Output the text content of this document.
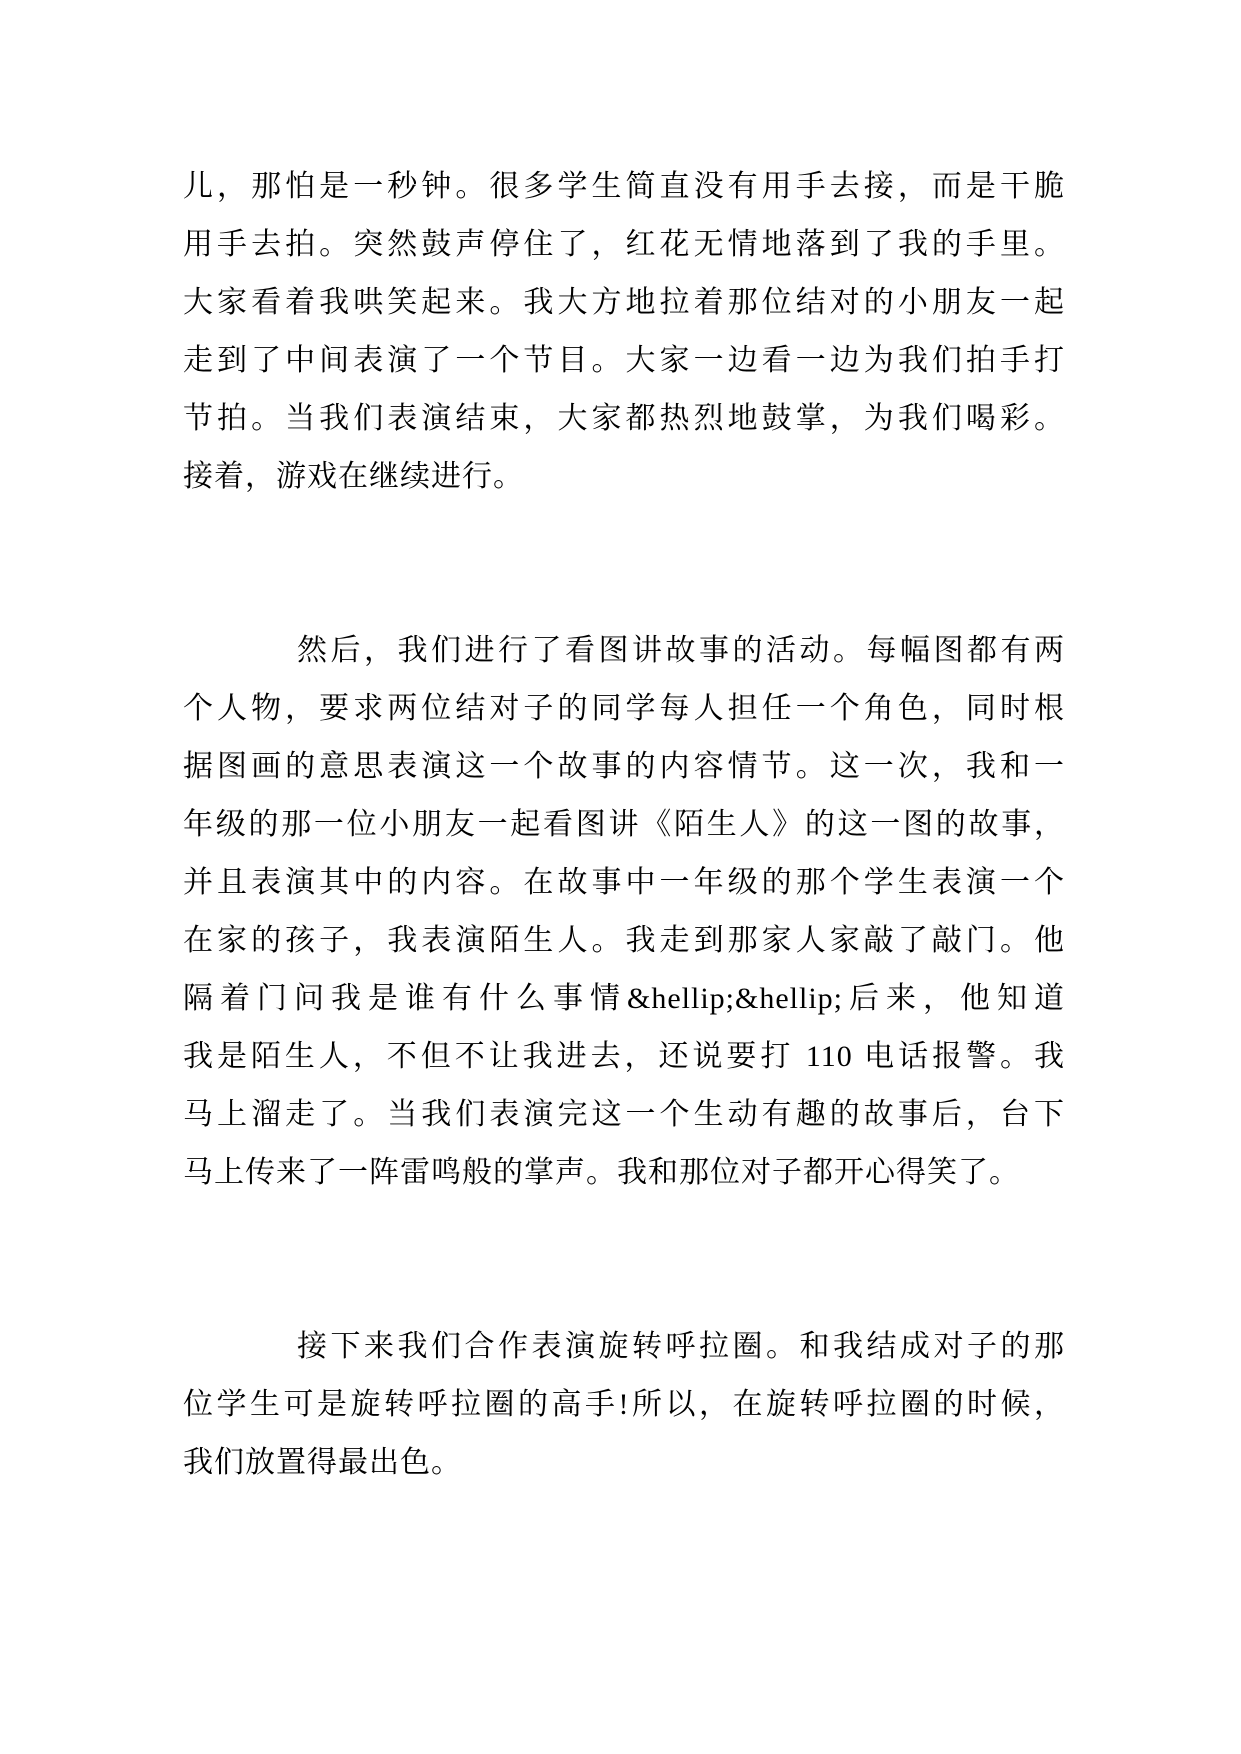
儿，那怕是一秒钟。很多学生简直没有用手去接，而是干脆
用手去拍。突然鼓声停住了，红花无情地落到了我的手里。
大家看着我哄笑起来。我大方地拉着那位结对的小朋友一起
走到了中间表演了一个节目。大家一边看一边为我们拍手打
节拍。当我们表演结束，大家都热烈地鼓掌，为我们喝彩。
接着，游戏在继续进行。
然后，我们进行了看图讲故事的活动。每幅图都有两
个人物，要求两位结对子的同学每人担任一个角色，同时根
据图画的意思表演这一个故事的内容情节。这一次，我和一
年级的那一位小朋友一起看图讲《陌生人》的这一图的故事，
并且表演其中的内容。在故事中一年级的那个学生表演一个
在家的孩子，我表演陌生人。我走到那家人家敲了敲门。他
隔着门问我是谁有什么事情&hellip;&hellip;后来，他知道
我是陌生人，不但不让我进去，还说要打 110 电话报警。我
马上溜走了。当我们表演完这一个生动有趣的故事后，台下
马上传来了一阵雷鸣般的掌声。我和那位对子都开心得笑了。
接下来我们合作表演旋转呼拉圈。和我结成对子的那
位学生可是旋转呼拉圈的高手!所以，在旋转呼拉圈的时候，
我们放置得最出色。
